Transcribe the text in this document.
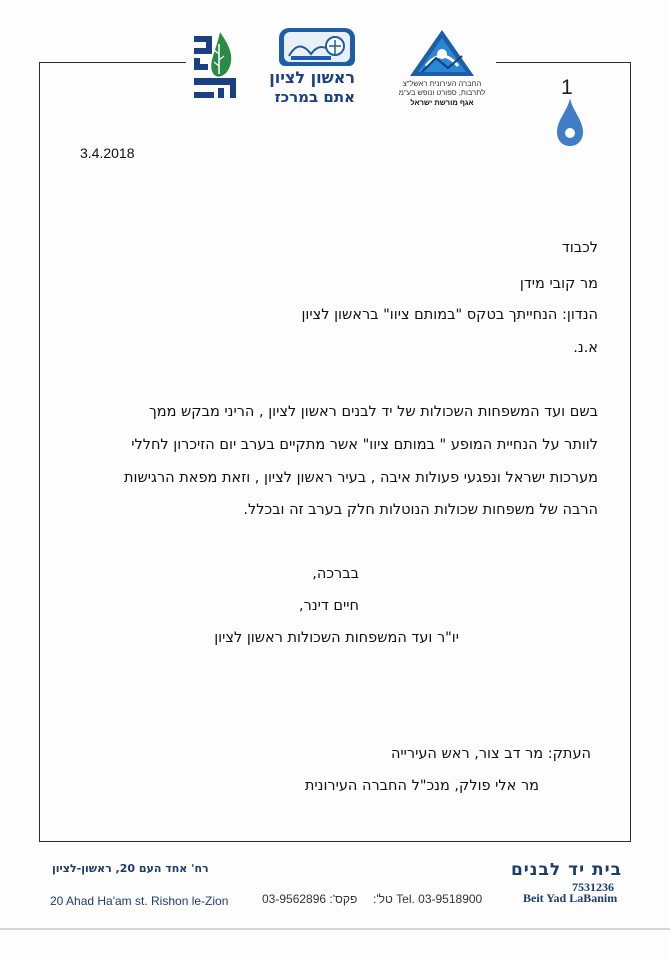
ראשון לציון
אתם במרכז
החברה העירונית ראשל"צ
לתרבות, ספורט ונופש בע"מ
אגף מורשת ישראל
1
3.4.2018
לכבוד
מר קובי מידן
הנדון: הנחייתך בטקס "במותם ציוו" בראשון לציון
א.נ.
בשם ועד המשפחות השכולות של יד לבנים ראשון לציון , הריני מבקש ממך
לוותר על הנחיית המופע " במותם ציוו" אשר מתקיים בערב יום הזיכרון לחללי
מערכות ישראל ונפגעי פעולות איבה , בעיר ראשון לציון , וזאת מפאת הרגישות
הרבה של משפחות שכולות הנוטלות חלק בערב זה ובכלל.
בברכה,
חיים דינר,
יו"ר ועד המשפחות השכולות ראשון לציון
העתק: מר דב צור, ראש העירייה
מר אלי פולק, מנכ"ל החברה העירונית
בית יד לבנים
רח' אחד העם 20, ראשון-לציון
7531236
20 Ahad Ha'am st. Rishon le-Zion	פקס': 03-9562896 Tel. 03-9518900 טל':	Beit Yad LaBanim
